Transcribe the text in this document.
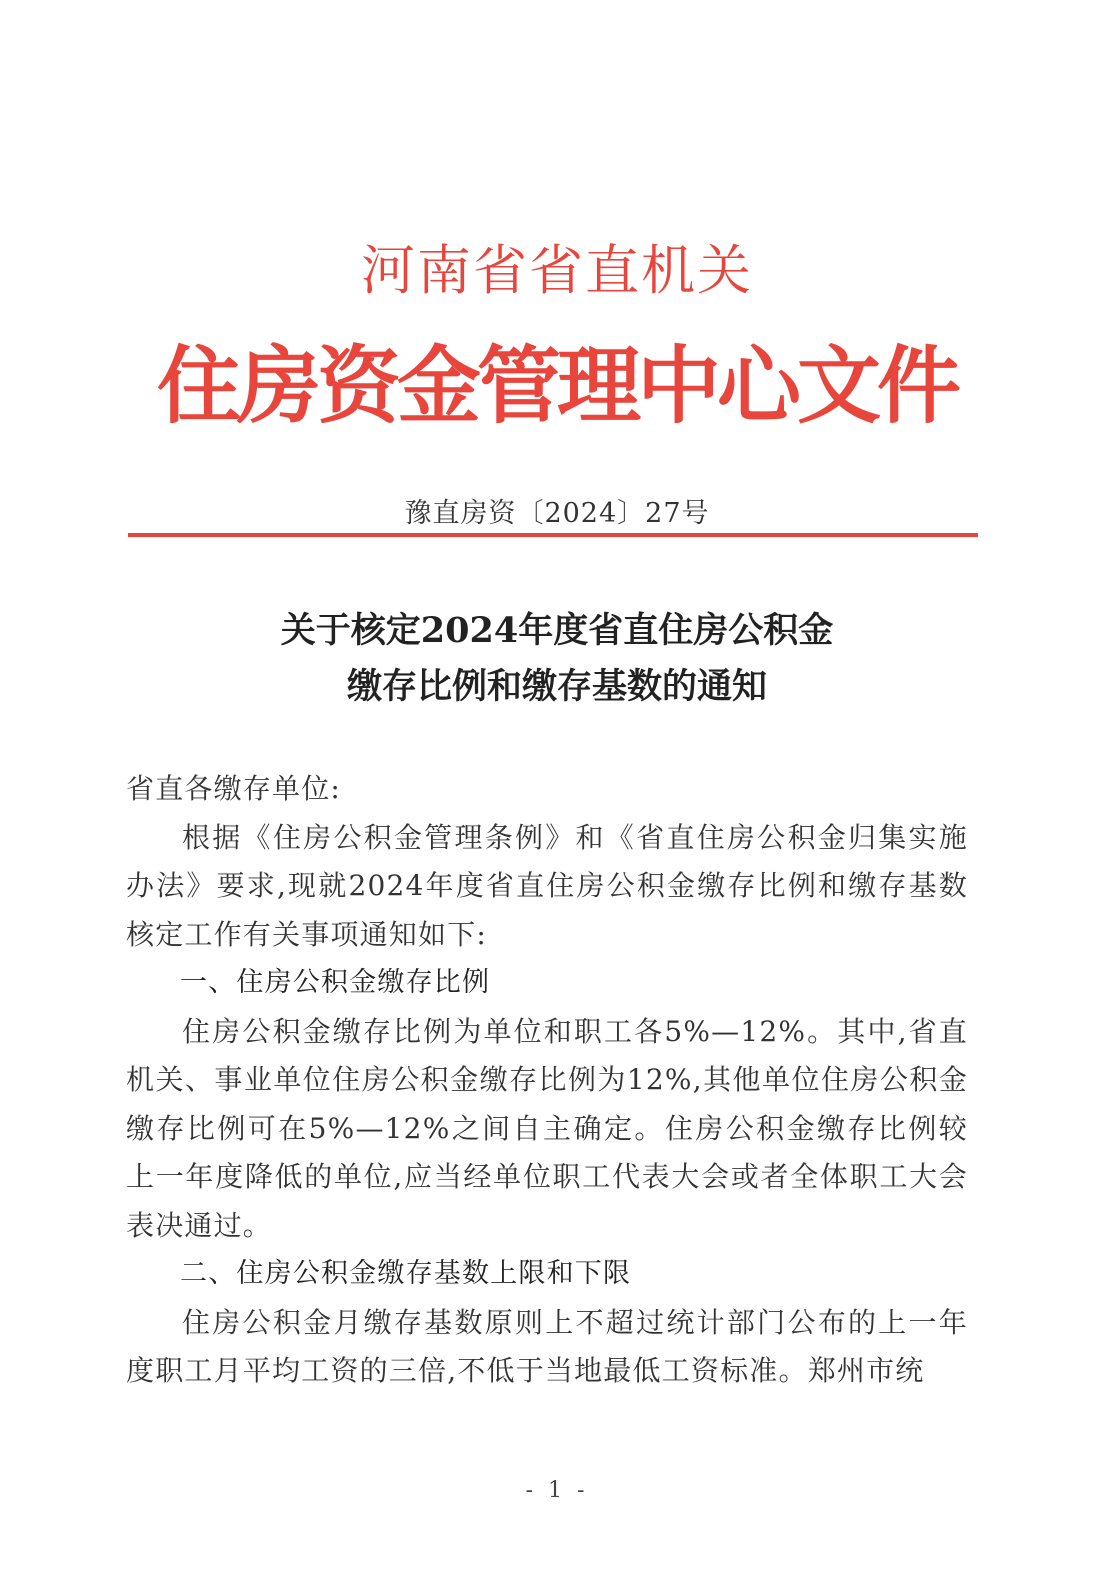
河南省省直机关
住房资金管理中心文件
豫直房资〔2024〕27号
关于核定2024年度省直住房公积金
缴存比例和缴存基数的通知

省直各缴存单位:

根据《住房公积金管理条例》和《省直住房公积金归集实施办法》要求,现就2024年度省直住房公积金缴存比例和缴存基数核定工作有关事项通知如下:

一、住房公积金缴存比例

住房公积金缴存比例为单位和职工各5%—12%。其中,省直机关、事业单位住房公积金缴存比例为12%,其他单位住房公积金缴存比例可在5%—12%之间自主确定。住房公积金缴存比例较上一年度降低的单位,应当经单位职工代表大会或者全体职工大会表决通过。

二、住房公积金缴存基数上限和下限

住房公积金月缴存基数原则上不超过统计部门公布的上一年度职工月平均工资的三倍,不低于当地最低工资标准。郑州市统

- 1 -
